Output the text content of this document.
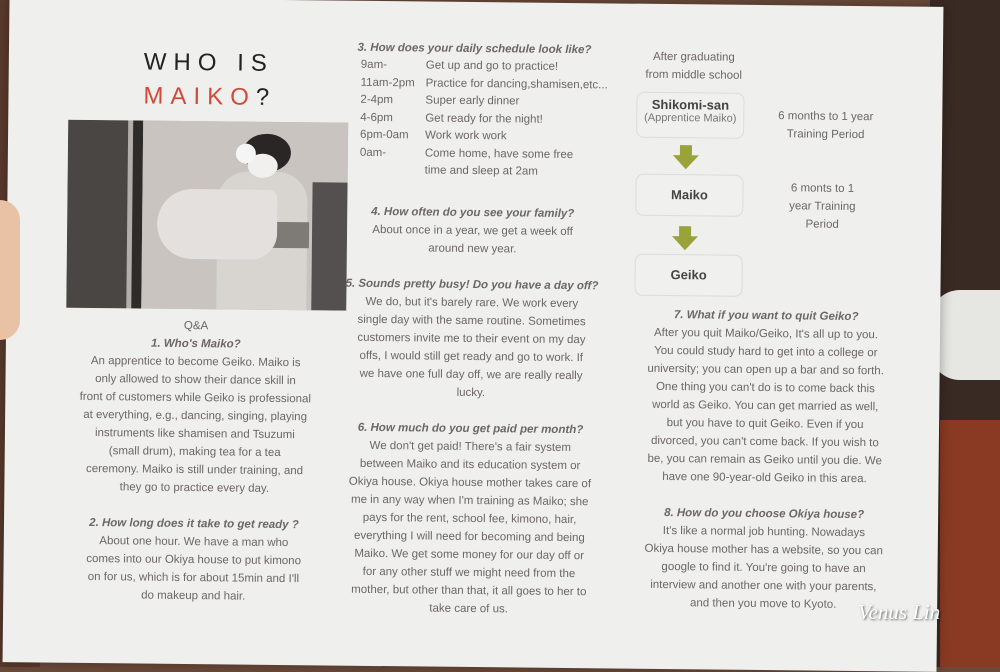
WHO IS
MAIKO?
Q&A
1. Who's Maiko?
An apprentice to become Geiko. Maiko is
only allowed to show their dance skill in
front of customers while Geiko is professional
at everything, e.g., dancing, singing, playing
instruments like shamisen and Tsuzumi
(small drum), making tea for a tea
ceremony. Maiko is still under training, and
they go to practice every day.
2. How long does it take to get ready ?
About one hour. We have a man who
comes into our Okiya house to put kimono
on for us, which is for about 15min and I'll
do makeup and hair.
3. How does your daily schedule look like?
9am-	Get up and go to practice!
11am-2pm Practice for dancing,shamisen,etc...
2-4pm	Super early dinner
4-6pm	Get ready for the night!
6pm-0am	Work work work
0am-	Come home, have some free
time and sleep at 2am
4. How often do you see your family?
About once in a year, we get a week off
around new year.
5. Sounds pretty busy! Do you have a day off?
We do, but it's barely rare. We work every
single day with the same routine. Sometimes
customers invite me to their event on my day
offs, I would still get ready and go to work. If
we have one full day off, we are really really
lucky.
6. How much do you get paid per month?
We don't get paid! There's a fair system
between Maiko and its education system or
Okiya house. Okiya house mother takes care of
me in any way when I'm training as Maiko; she
pays for the rent, school fee, kimono, hair,
everything I will need for becoming and being
Maiko. We get some money for our day off or
for any other stuff we might need from the
mother, but other than that, it all goes to her to
take care of us.
After graduating
from middle school
Shikomi-san
(Apprentice Maiko)	6 months to 1 year
Training Period
Maiko	6 monts to 1
year Training
Period
Geiko
7. What if you want to quit Geiko?
After you quit Maiko/Geiko, It's all up to you.
You could study hard to get into a college or
university; you can open up a bar and so forth.
One thing you can't do is to come back this
world as Geiko. You can get married as well,
but you have to quit Geiko. Even if you
divorced, you can't come back. If you wish to
be, you can remain as Geiko until you die. We
have one 90-year-old Geiko in this area.
8. How do you choose Okiya house?
It's like a normal job hunting. Nowadays
Okiya house mother has a website, so you can
google to find it. You're going to have an
interview and another one with your parents,
and then you move to Kyoto.	Venus Lin
